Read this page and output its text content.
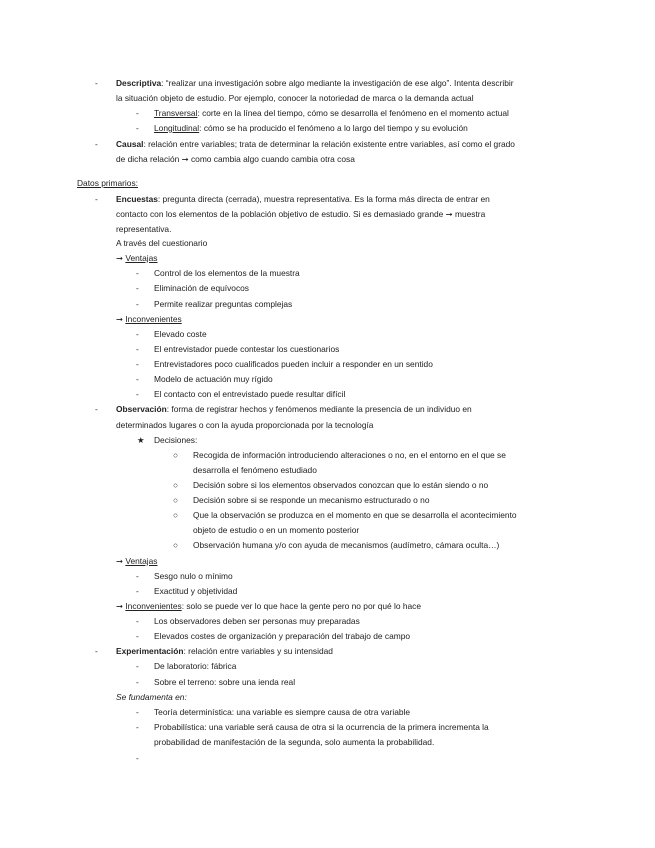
- Descriptiva: “realizar una investigación sobre algo mediante la investigación de ese algo”. Intenta describir
la situación objeto de estudio. Por ejemplo, conocer la notoriedad de marca o la demanda actual
- Transversal: corte en la línea del tiempo, cómo se desarrolla el fenómeno en el momento actual
- Longitudinal: cómo se ha producido el fenómeno a lo largo del tiempo y su evolución
- Causal: relación entre variables; trata de determinar la relación existente entre variables, así como el grado
de dicha relación ➞ como cambia algo cuando cambia otra cosa
Datos primarios:
- Encuestas: pregunta directa (cerrada), muestra representativa. Es la forma más directa de entrar en
contacto con los elementos de la población objetivo de estudio. Si es demasiado grande ➞ muestra
representativa.
A través del cuestionario
➞ Ventajas
- Control de los elementos de la muestra
- Eliminación de equívocos
- Permite realizar preguntas complejas
➞ Inconvenientes
- Elevado coste
- El entrevistador puede contestar los cuestionarios
- Entrevistadores poco cualificados pueden incluir a responder en un sentido
- Modelo de actuación muy rígido
- El contacto con el entrevistado puede resultar difícil
- Observación: forma de registrar hechos y fenómenos mediante la presencia de un individuo en
determinados lugares o con la ayuda proporcionada por la tecnología
★ Decisiones:
○ Recogida de información introduciendo alteraciones o no, en el entorno en el que se
desarrolla el fenómeno estudiado
○ Decisión sobre si los elementos observados conozcan que lo están siendo o no
○ Decisión sobre si se responde un mecanismo estructurado o no
○ Que la observación se produzca en el momento en que se desarrolla el acontecimiento
objeto de estudio o en un momento posterior
○ Observación humana y/o con ayuda de mecanismos (audímetro, cámara oculta…)
➞ Ventajas
- Sesgo nulo o mínimo
- Exactitud y objetividad
➞ Inconvenientes: solo se puede ver lo que hace la gente pero no por qué lo hace
- Los observadores deben ser personas muy preparadas
- Elevados costes de organización y preparación del trabajo de campo
- Experimentación: relación entre variables y su intensidad
- De laboratorio: fábrica
- Sobre el terreno: sobre una ienda real
Se fundamenta en:
- Teoría determinística: una variable es siempre causa de otra variable
- Probabilística: una variable será causa de otra si la ocurrencia de la primera incrementa la
probabilidad de manifestación de la segunda, solo aumenta la probabilidad.
-
